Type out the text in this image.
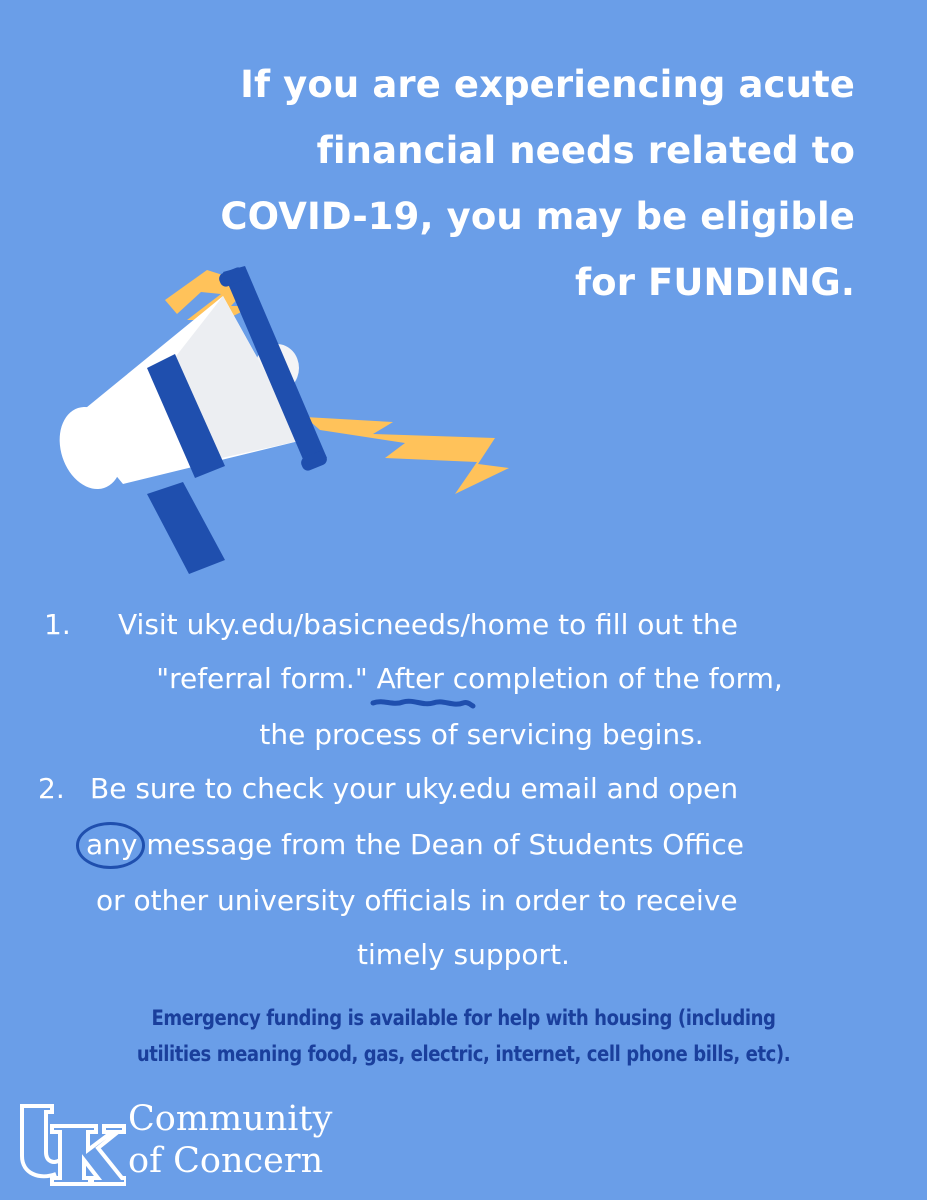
If you are experiencing acute
financial needs related to
COVID-19, you may be eligible
for FUNDING.
1. Visit uky.edu/basicneeds/home to fill out the
"referral form." After completion of the form,
the process of servicing begins.
2. Be sure to check your uky.edu email and open
any
message from the Dean of Students Office
or other university officials in order to receive
timely support.
Emergency funding is available for help with housing (including
utilities meaning food, gas, electric, internet, cell phone bills, etc).
Community
of Concern
